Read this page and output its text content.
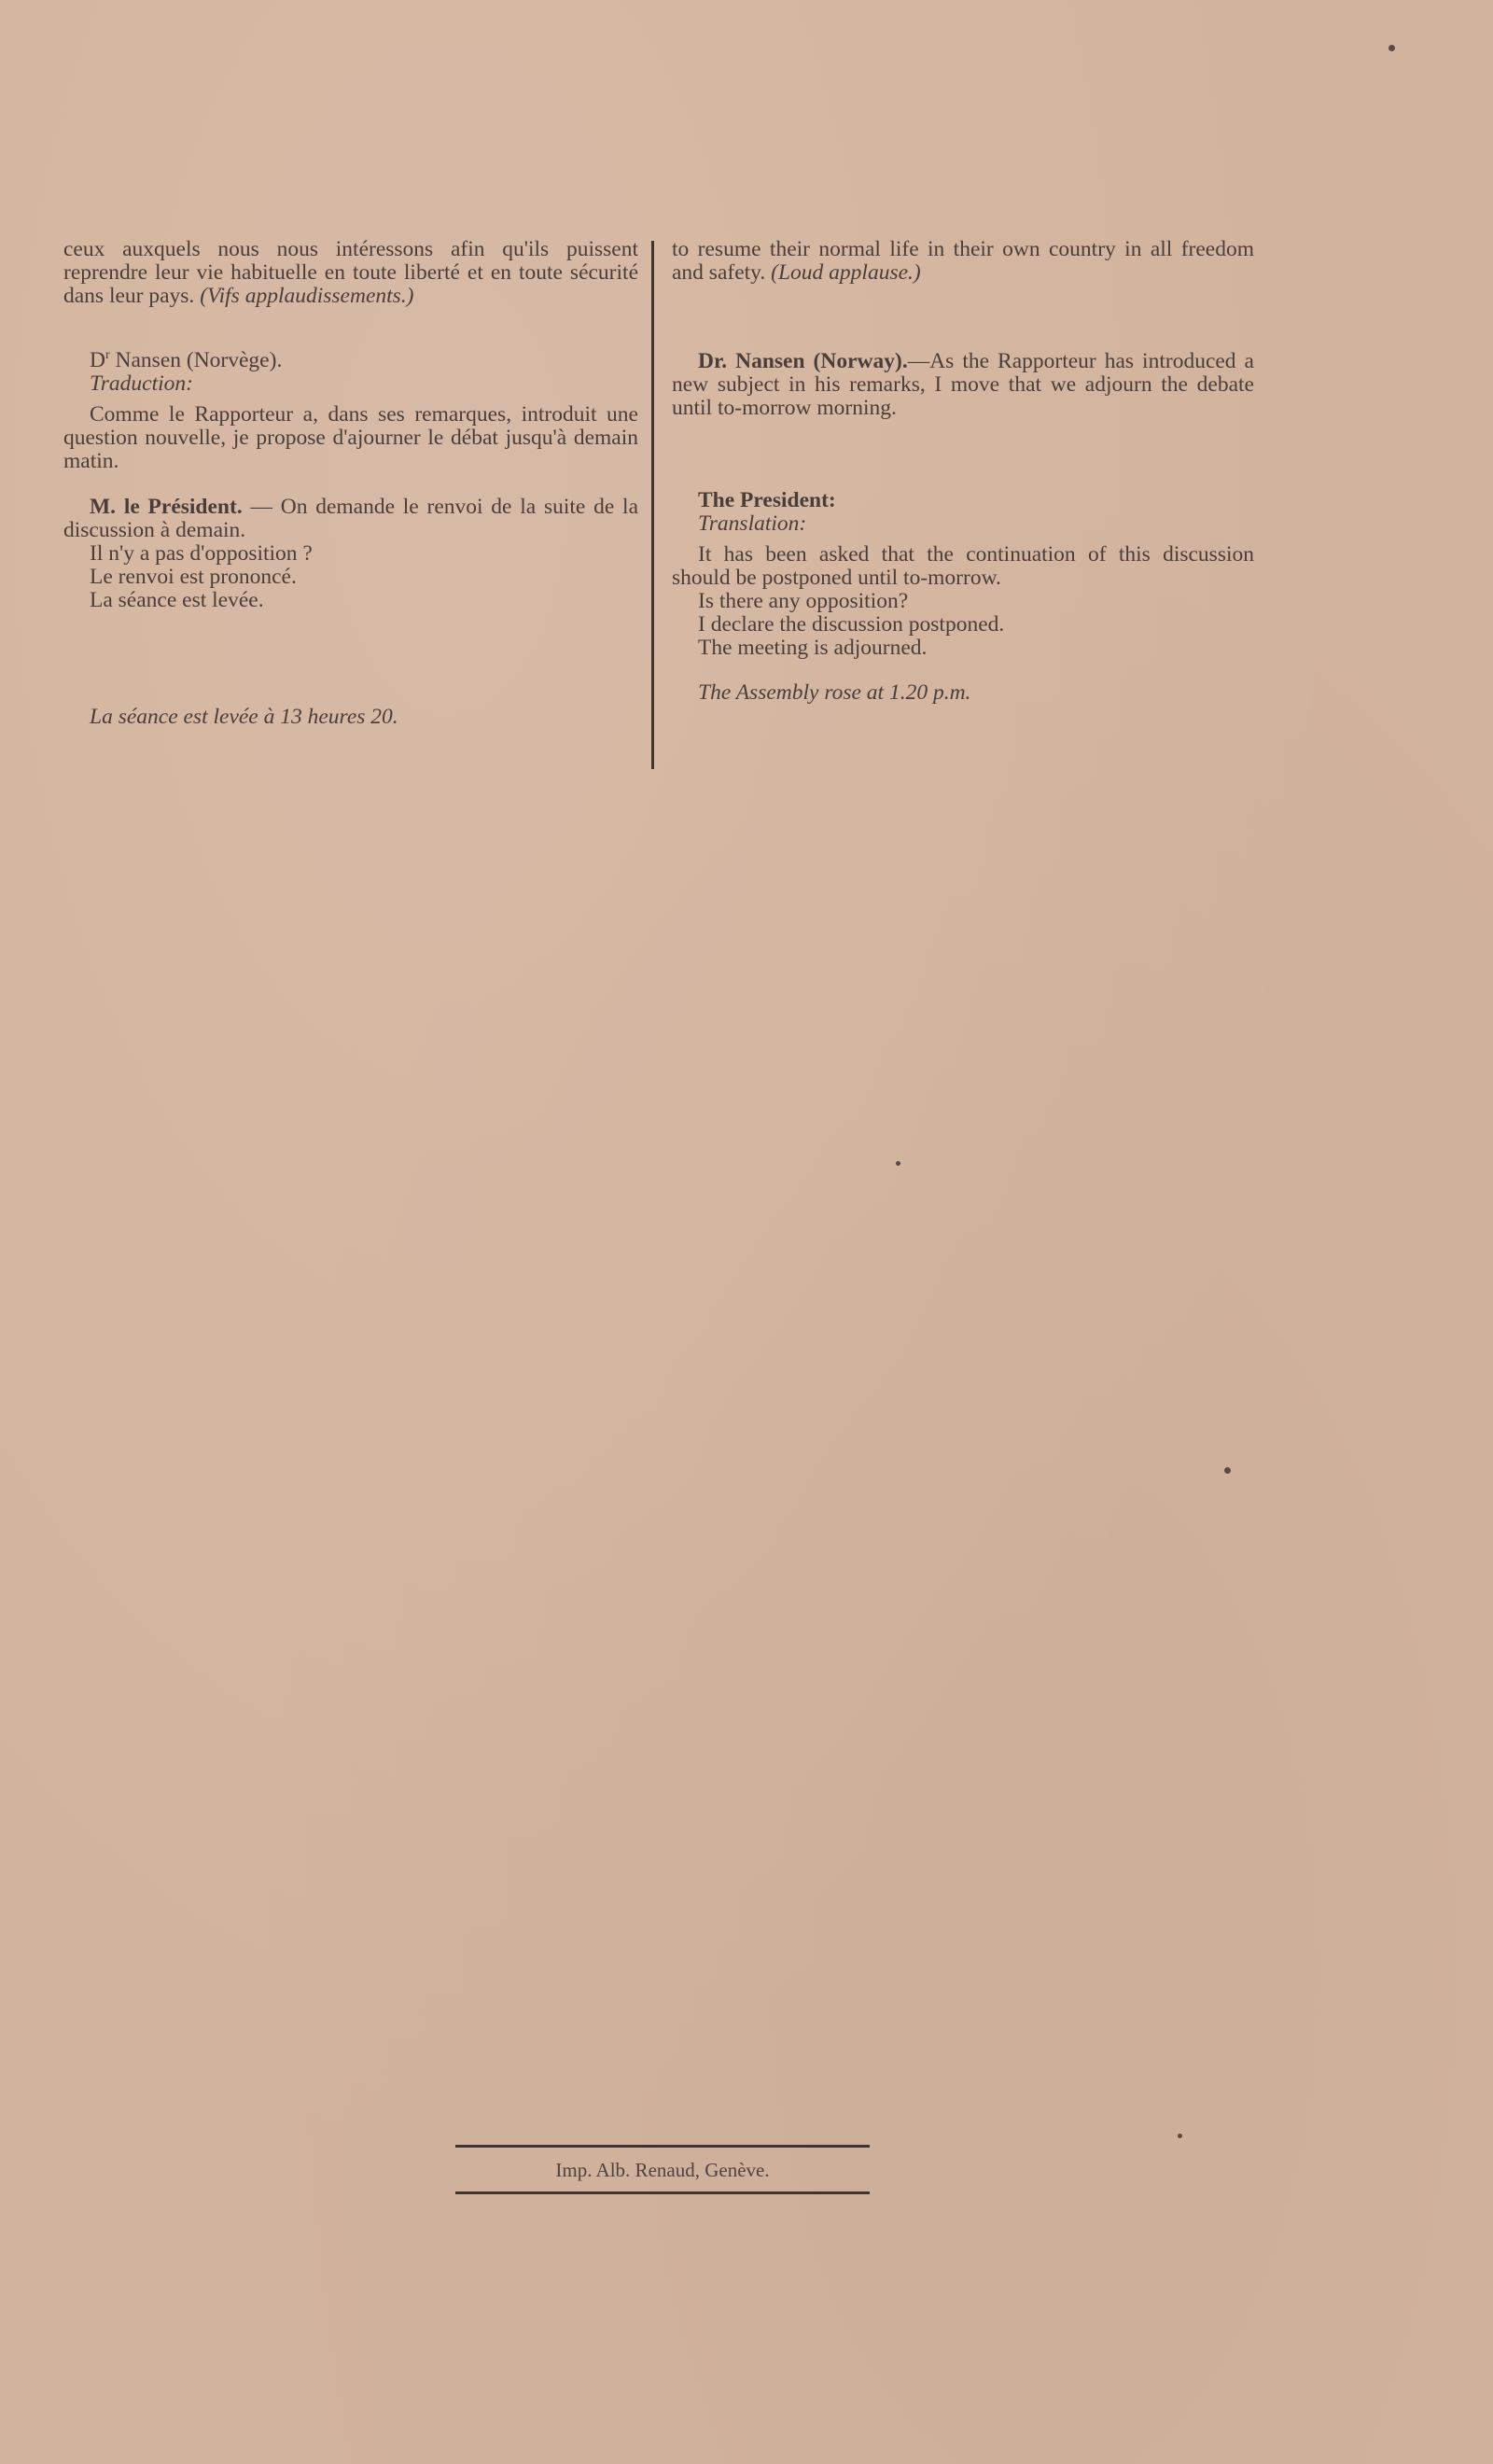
ceux auxquels nous nous intéressons afin qu'ils puissent reprendre leur vie habituelle en toute liberté et en toute sécurité dans leur pays. (Vifs applaudissements.)

$D^r$ Nansen (Norvège).

Traduction:

Comme le Rapporteur a, dans ses remarques, introduit une question nouvelle, je propose d'ajourner le débat jusqu'à demain matin.

M. le Président. — On demande le renvoi de la suite de la discussion à demain.

Il n'y a pas d'opposition ?

Le renvoi est prononcé.

La séance est levée.

La séance est levée à 13 heures 20.

to resume their normal life in their own country in all freedom and safety. (Loud applause.)

Dr. Nansen (Norway).—As the Rapporteur has introduced a new subject in his remarks, I move that we adjourn the debate until to-morrow morning.

The President:

Translation:

It has been asked that the continuation of this discussion should be postponed until to-morrow.

Is there any opposition?

I declare the discussion postponed.

The meeting is adjourned.

The Assembly rose at 1.20 p.m.

Imp. Alb. Renaud, Genève.
